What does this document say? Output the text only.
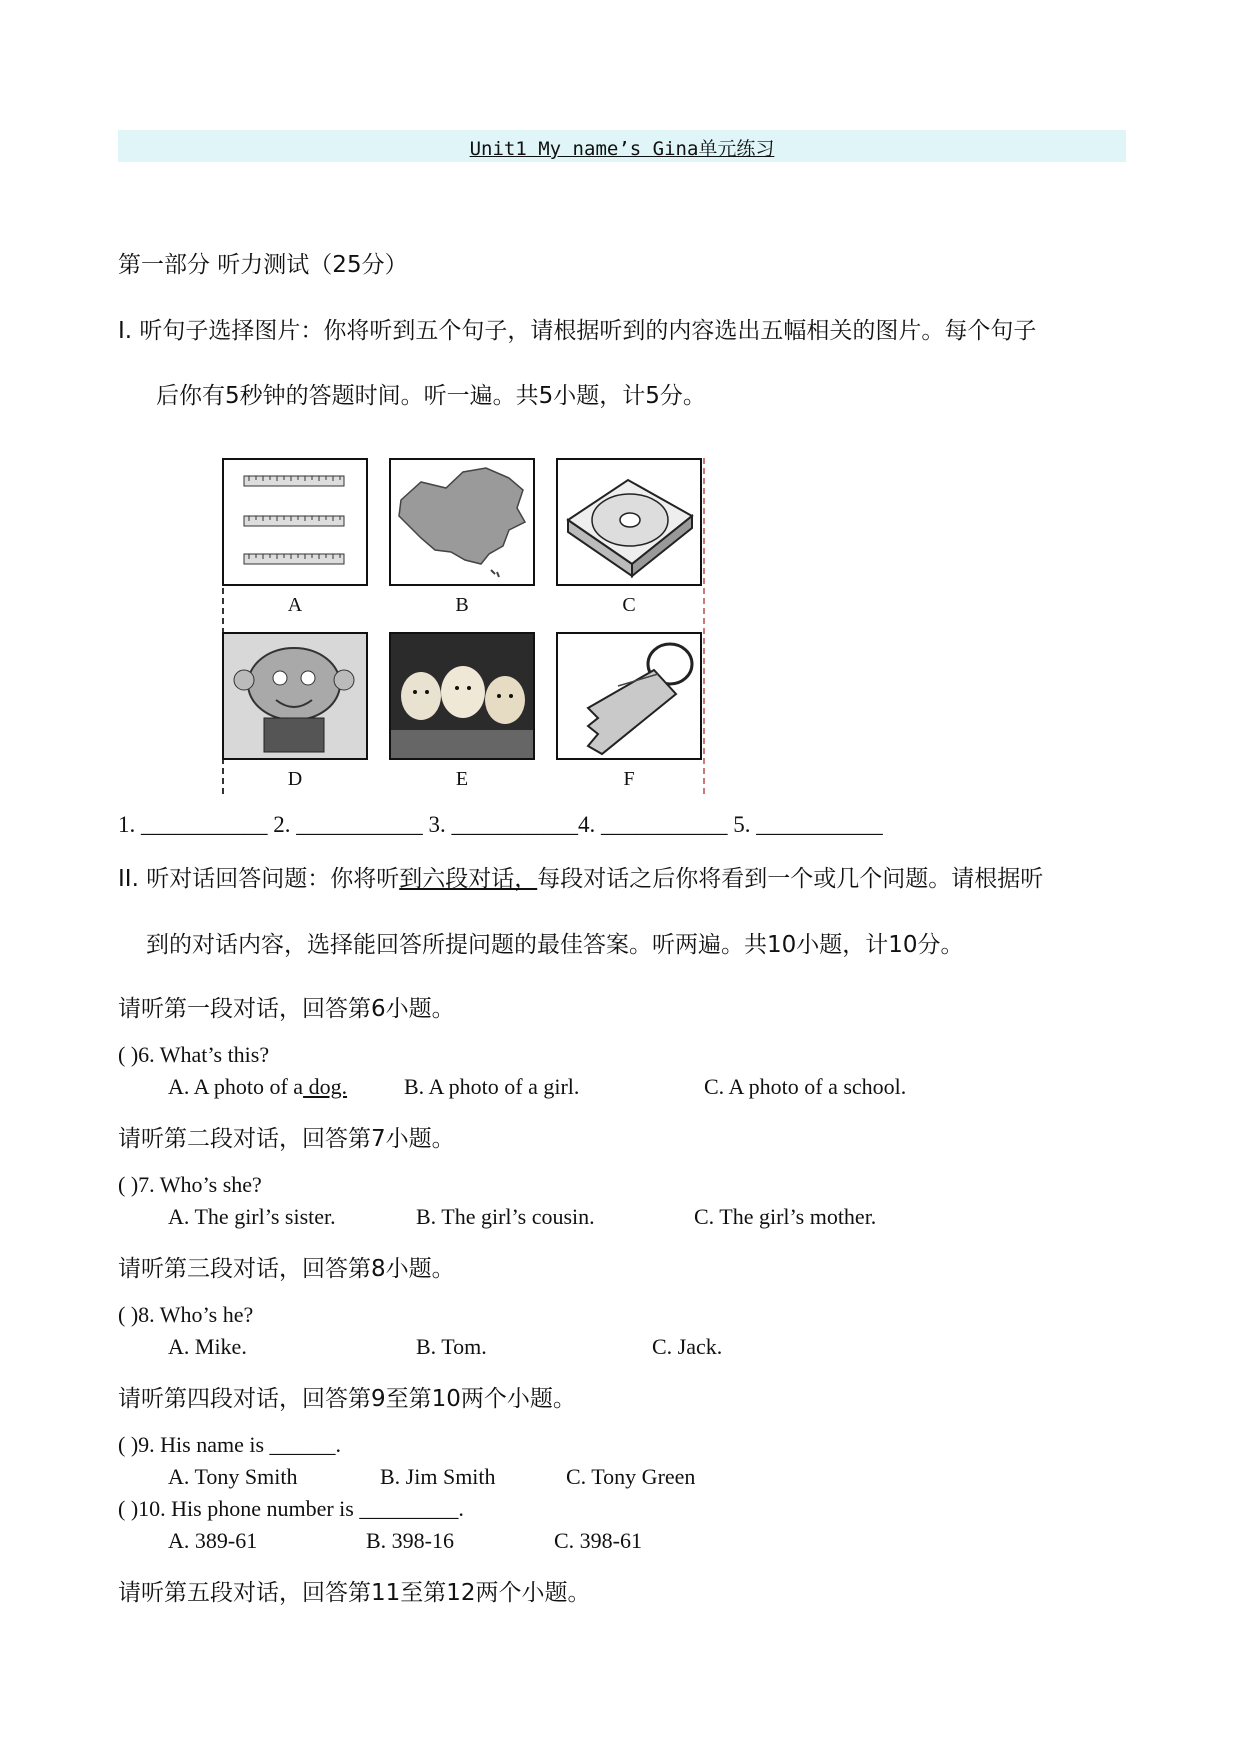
Unit1 My name’s Gina单元练习
第一部分 听力测试（25分）
I. 听句子选择图片：你将听到五个句子，请根据听到的内容选出五幅相关的图片。每个句子
后你有5秒钟的答题时间。听一遍。共5小题，计5分。
A	B	C
D	E	F
1. ___________ 2. ___________ 3. ___________4. ___________ 5. ___________
II. 听对话回答问题：你将听到六段对话，每段对话之后你将看到一个或几个问题。请根据听
到的对话内容，选择能回答所提问题的最佳答案。听两遍。共10小题，计10分。
请听第一段对话，回答第6小题。
( )6. What’s this?
A. A photo of a dog.	B. A photo of a girl.	C. A photo of a school.
请听第二段对话，回答第7小题。
( )7. Who’s she?
A. The girl’s sister.	B. The girl’s cousin.	C. The girl’s mother.
请听第三段对话，回答第8小题。
( )8. Who’s he?
A. Mike.	B. Tom.	C. Jack.
请听第四段对话，回答第9至第10两个小题。
( )9. His name is ______.
A. Tony Smith	B. Jim Smith	C. Tony Green
( )10. His phone number is _________.
A. 389-61	B. 398-16	C. 398-61
请听第五段对话，回答第11至第12两个小题。
